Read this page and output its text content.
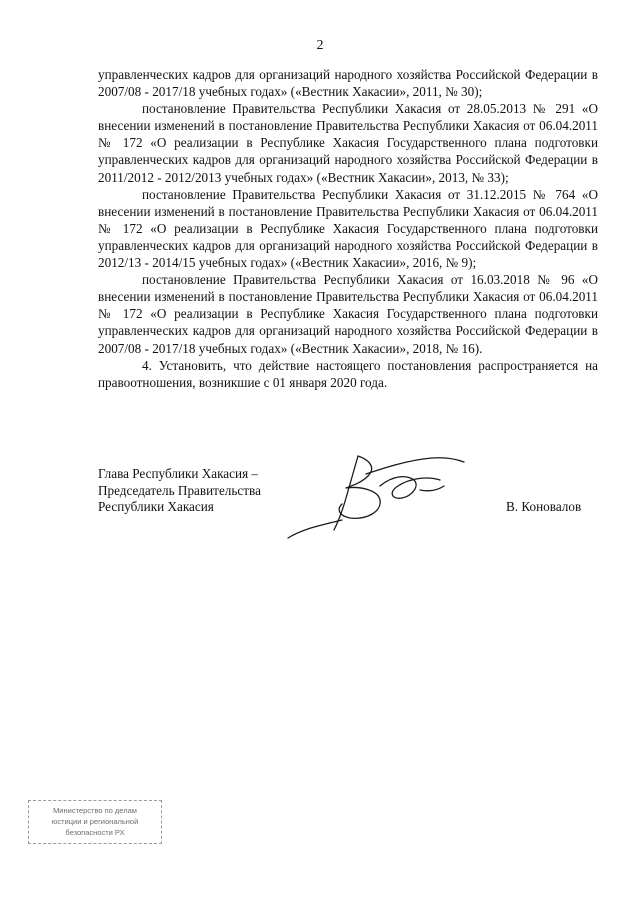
2

управленческих кадров для организаций народного хозяйства Российской Федерации в 2007/08 - 2017/18 учебных годах» («Вестник Хакасии», 2011, № 30);

постановление Правительства Республики Хакасия от 28.05.2013 № 291 «О внесении изменений в постановление Правительства Республики Хакасия от 06.04.2011 № 172 «О реализации в Республике Хакасия Государственного плана подготовки управленческих кадров для организаций народного хозяйства Российской Федерации в 2011/2012 - 2012/2013 учебных годах» («Вестник Хакасии», 2013, № 33);

постановление Правительства Республики Хакасия от 31.12.2015 № 764 «О внесении изменений в постановление Правительства Республики Хакасия от 06.04.2011 № 172 «О реализации в Республике Хакасия Государственного плана подготовки управленческих кадров для организаций народного хозяйства Российской Федерации в 2012/13 - 2014/15 учебных годах» («Вестник Хакасии», 2016, № 9);

постановление Правительства Республики Хакасия от 16.03.2018 № 96 «О внесении изменений в постановление Правительства Республики Хакасия от 06.04.2011 № 172 «О реализации в Республике Хакасия Государственного плана подготовки управленческих кадров для организаций народного хозяйства Российской Федерации в 2007/08 - 2017/18 учебных годах» («Вестник Хакасии», 2018, № 16).

4. Установить, что действие настоящего постановления распространяется на правоотношения, возникшие с 01 января 2020 года.

Глава Республики Хакасия –
Председатель Правительства
Республики Хакасия	В. Коновалов
Министерство по делам
юстиции и региональной
безопасности РХ
